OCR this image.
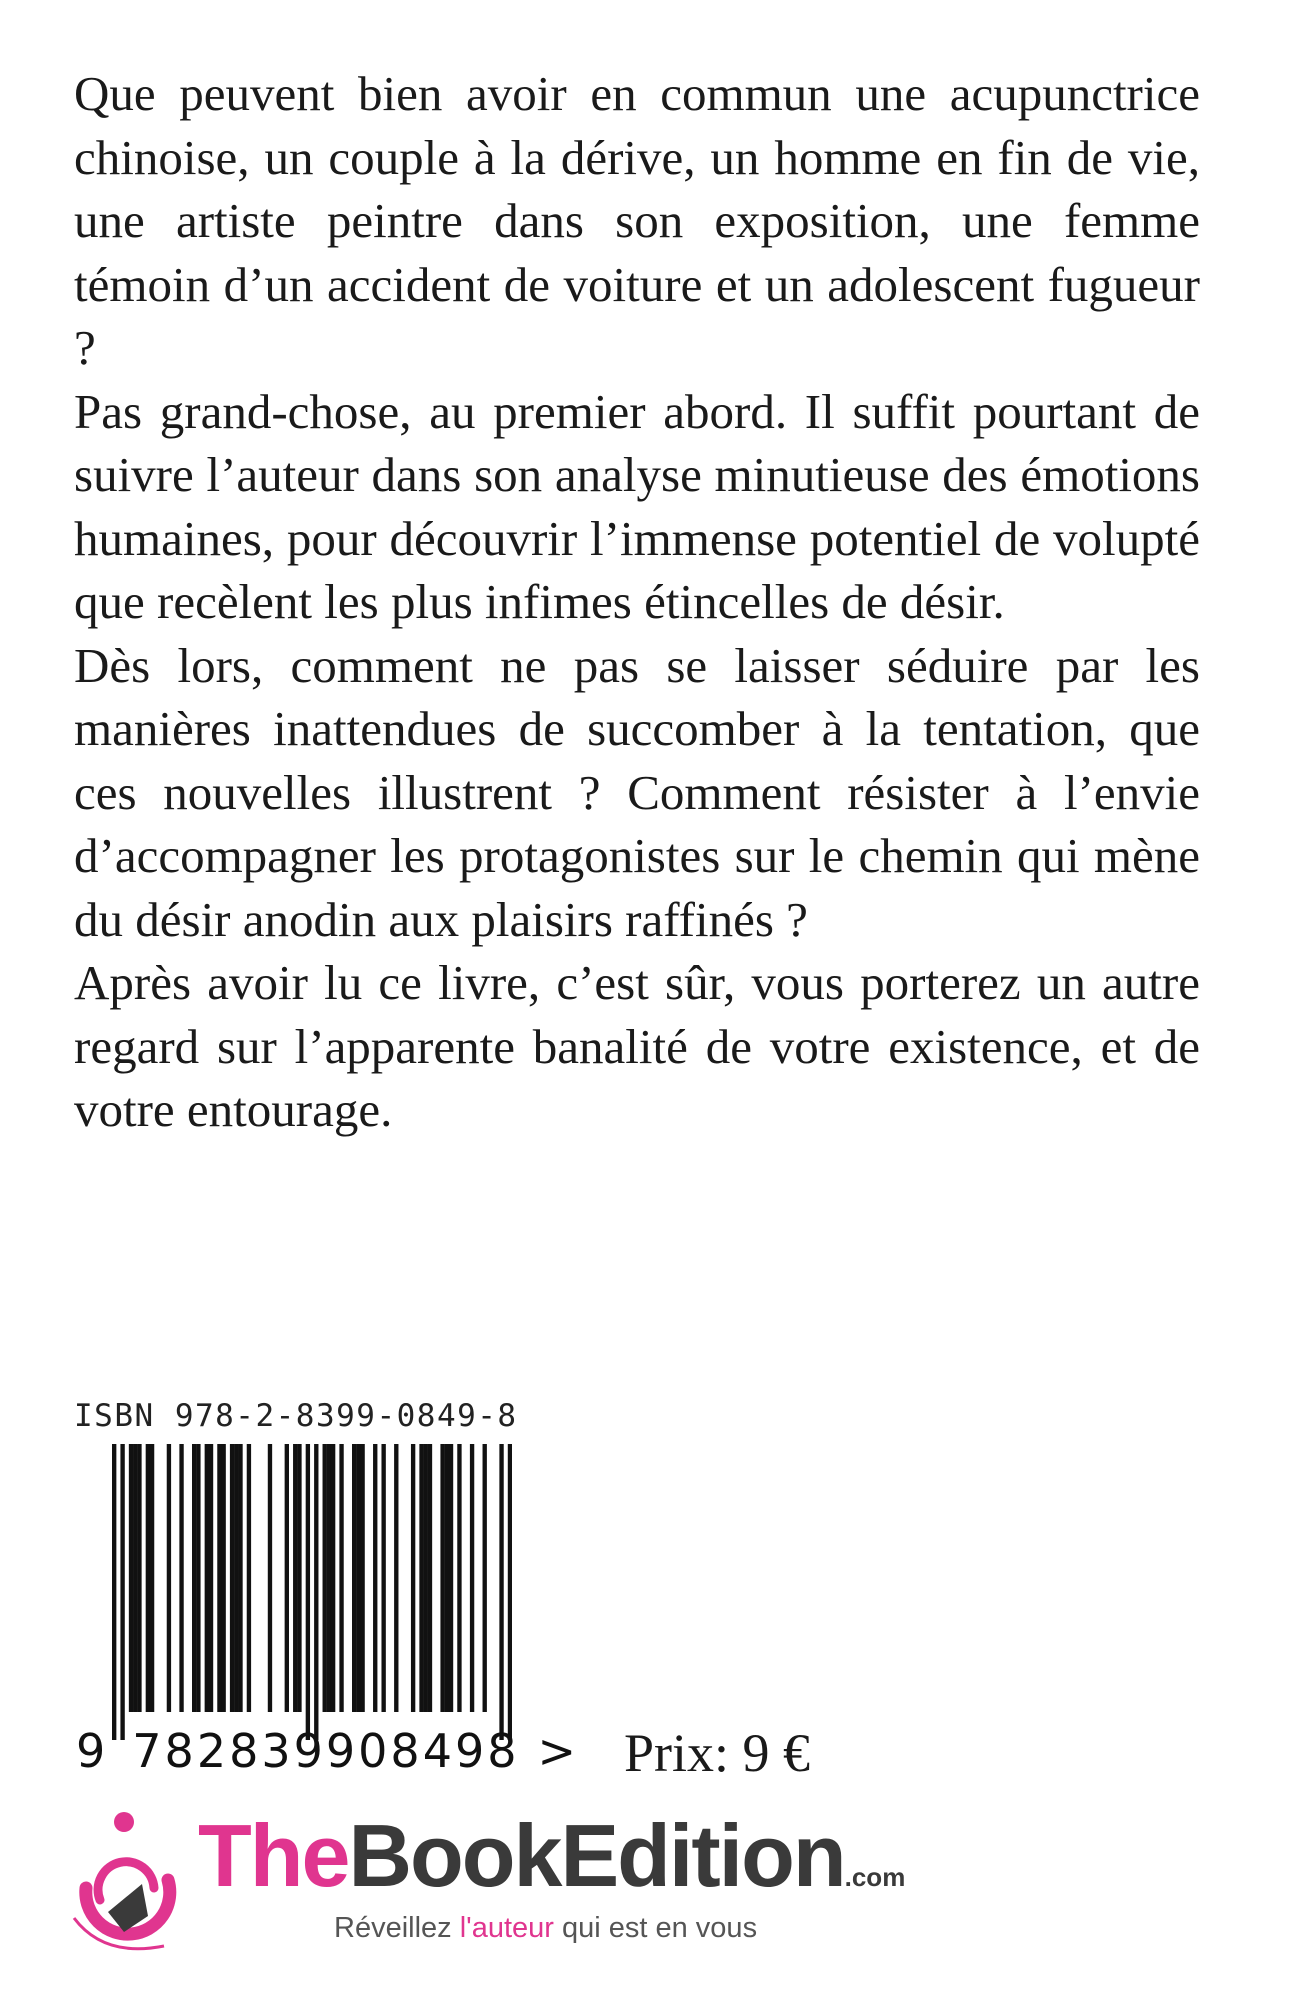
Que peuvent bien avoir en commun une acupunctrice chinoise, un couple à la dérive, un homme en fin de vie, une artiste peintre dans son exposition, une femme témoin d’un accident de voiture et un adolescent fugueur ?

Pas grand-chose, au premier abord. Il suffit pourtant de suivre l’auteur dans son analyse minutieuse des émotions humaines, pour découvrir l’immense potentiel de volupté que recèlent les plus infimes étincelles de désir.

Dès lors, comment ne pas se laisser séduire par les manières inattendues de succomber à la tentation, que ces nouvelles illustrent ? Comment résister à l’envie d’accompagner les protagonistes sur le chemin qui mène du désir anodin aux plaisirs raffinés ?

Après avoir lu ce livre, c’est sûr, vous porterez un autre regard sur l’apparente banalité de votre existence, et de votre entourage.

ISBN 978-2-8399-0849-8
9 782839908498 > Prix: 9 €
TheBookEdition.com
Réveillez l'auteur qui est en vous
